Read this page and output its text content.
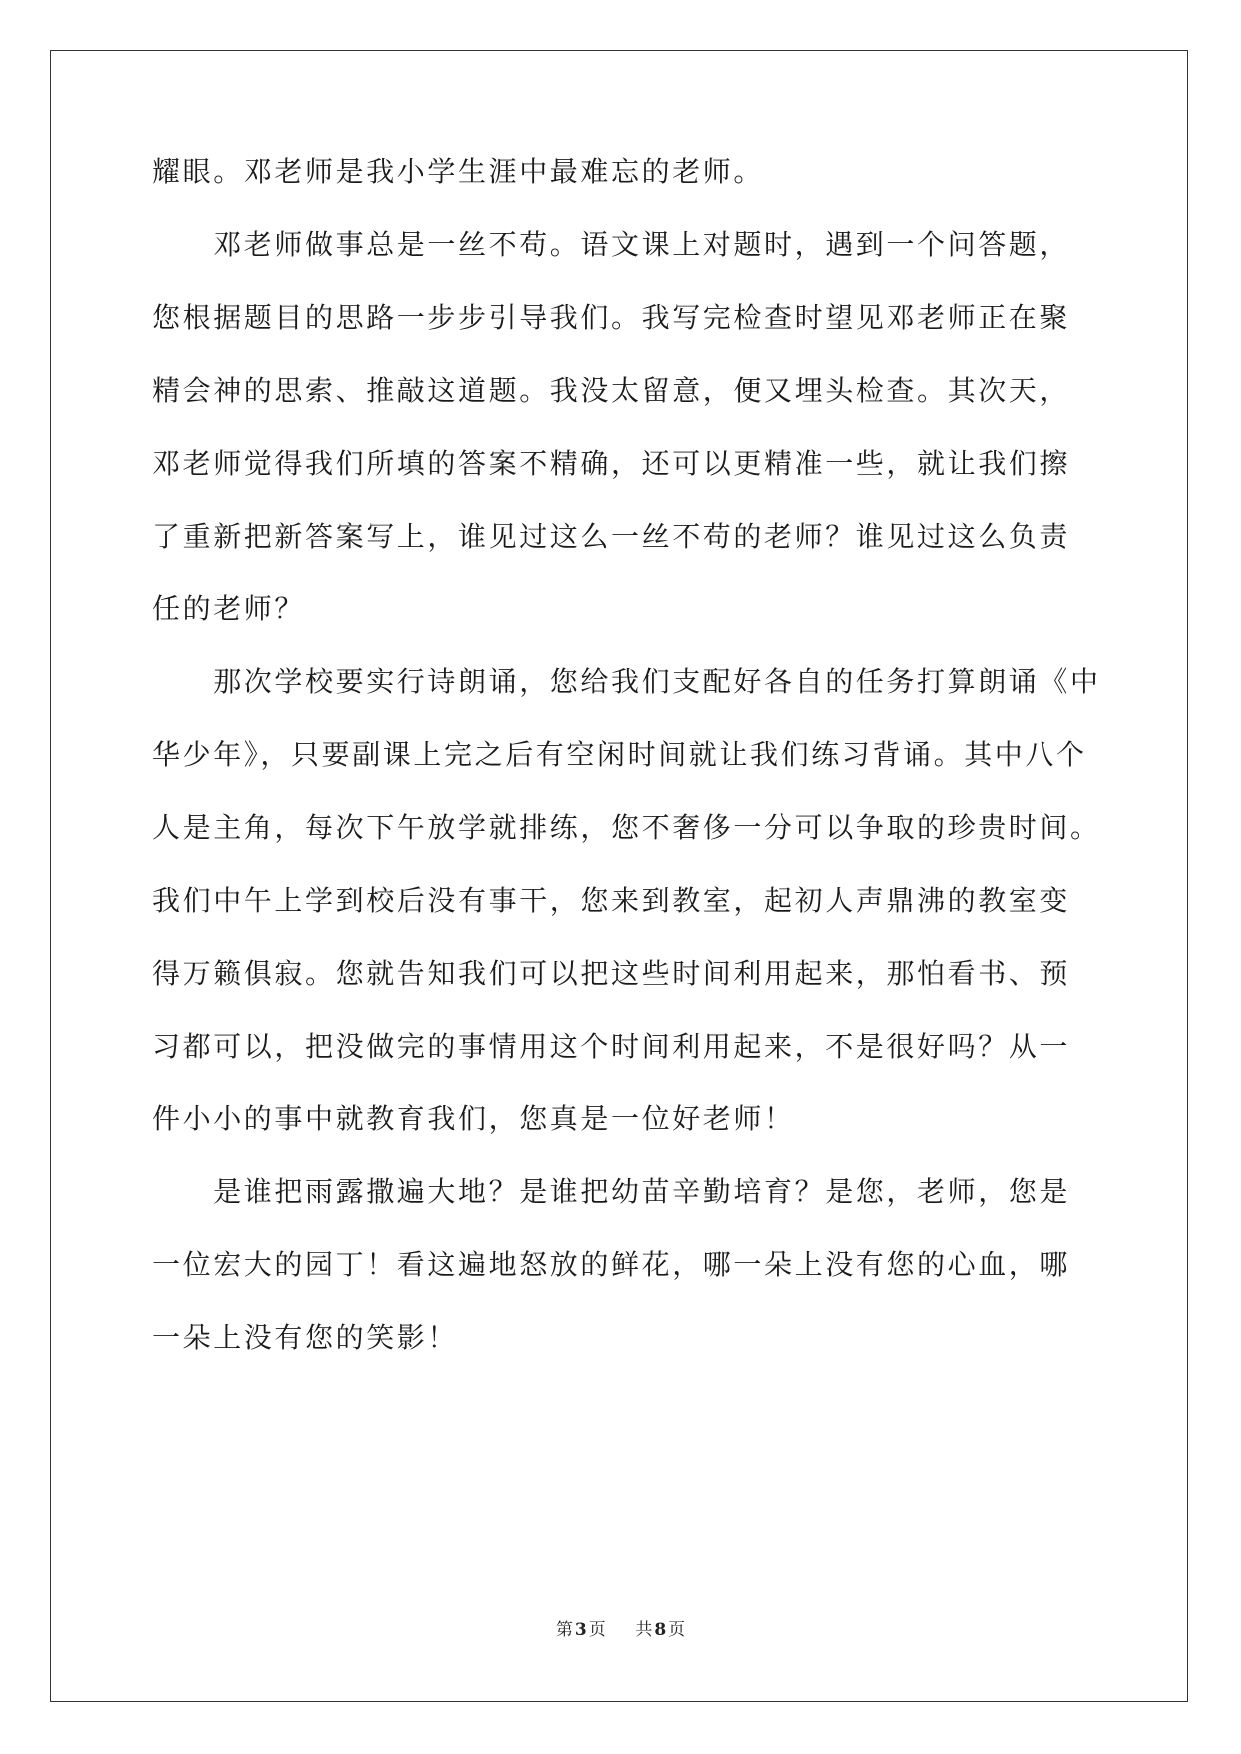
耀眼。邓老师是我小学生涯中最难忘的老师。
　　邓老师做事总是一丝不苟。语文课上对题时，遇到一个问答题，
您根据题目的思路一步步引导我们。我写完检查时望见邓老师正在聚
精会神的思索、推敲这道题。我没太留意，便又埋头检查。其次天，
邓老师觉得我们所填的答案不精确，还可以更精准一些，就让我们擦
了重新把新答案写上，谁见过这么一丝不苟的老师？谁见过这么负责
任的老师？
　　那次学校要实行诗朗诵，您给我们支配好各自的任务打算朗诵《中
华少年》，只要副课上完之后有空闲时间就让我们练习背诵。其中八个
人是主角，每次下午放学就排练，您不奢侈一分可以争取的珍贵时间。
我们中午上学到校后没有事干，您来到教室，起初人声鼎沸的教室变
得万籁俱寂。您就告知我们可以把这些时间利用起来，那怕看书、预
习都可以，把没做完的事情用这个时间利用起来，不是很好吗？从一
件小小的事中就教育我们，您真是一位好老师！
　　是谁把雨露撒遍大地？是谁把幼苗辛勤培育？是您，老师，您是
一位宏大的园丁！看这遍地怒放的鲜花，哪一朵上没有您的心血，哪
一朵上没有您的笑影！
第 3 页 共 8 页
